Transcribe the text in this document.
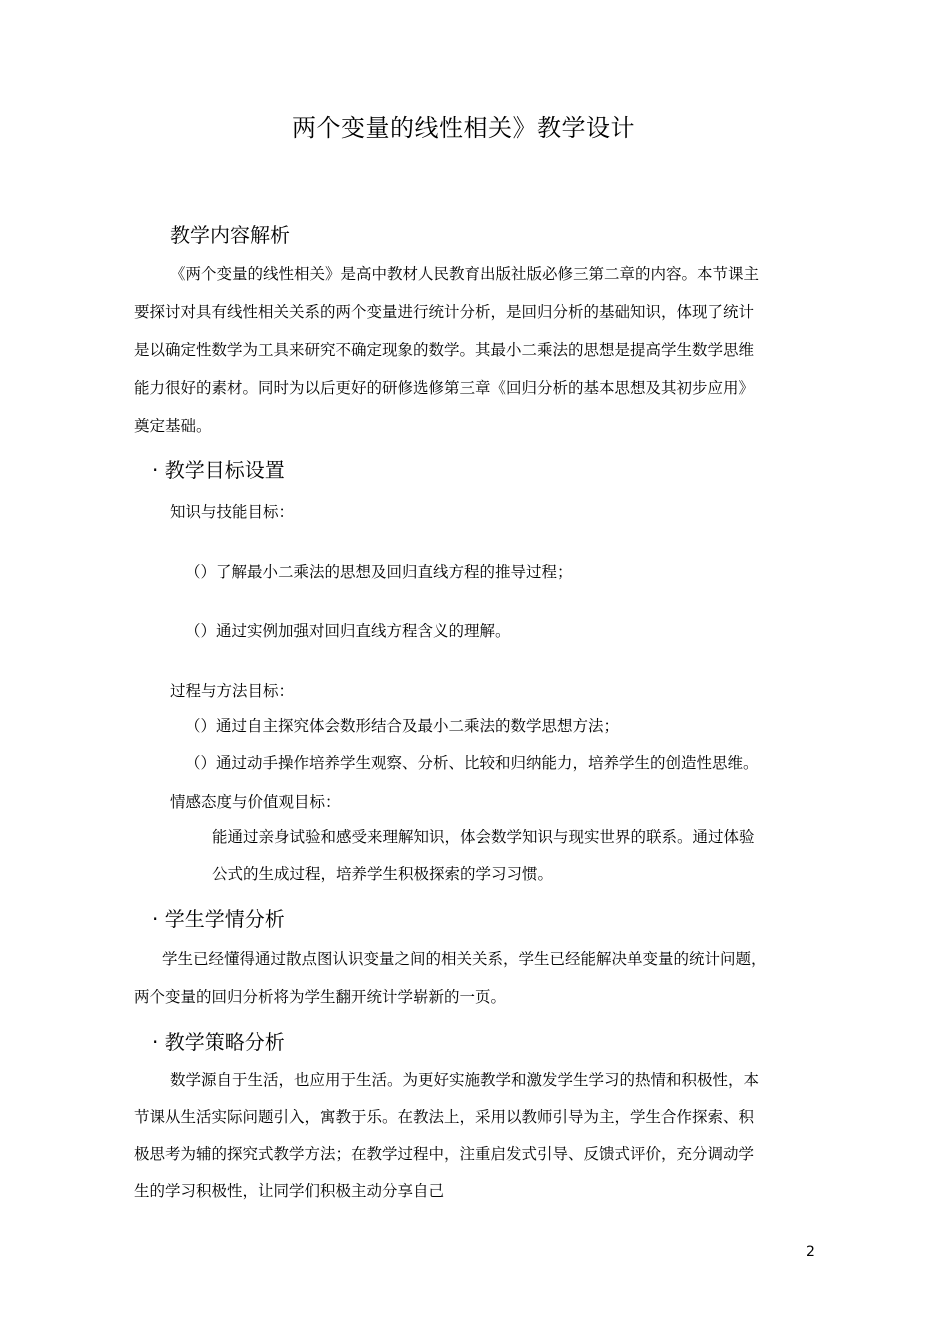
两个变量的线性相关》教学设计
教学内容解析
《两个变量的线性相关》是高中教材人民教育出版社版必修三第二章的内容。本节课主
要探讨对具有线性相关关系的两个变量进行统计分析，是回归分析的基础知识，体现了统计
是以确定性数学为工具来研究不确定现象的数学。其最小二乘法的思想是提高学生数学思维
能力很好的素材。同时为以后更好的研修选修第三章《回归分析的基本思想及其初步应用》
奠定基础。
· 教学目标设置
知识与技能目标：
（）了解最小二乘法的思想及回归直线方程的推导过程；
（）通过实例加强对回归直线方程含义的理解。
过程与方法目标：
（）通过自主探究体会数形结合及最小二乘法的数学思想方法；
（）通过动手操作培养学生观察、分析、比较和归纳能力，培养学生的创造性思维。
情感态度与价值观目标：
能通过亲身试验和感受来理解知识，体会数学知识与现实世界的联系。通过体验
公式的生成过程，培养学生积极探索的学习习惯。
· 学生学情分析
学生已经懂得通过散点图认识变量之间的相关关系，学生已经能解决单变量的统计问题，
两个变量的回归分析将为学生翻开统计学崭新的一页。
· 教学策略分析
数学源自于生活，也应用于生活。为更好实施教学和激发学生学习的热情和积极性，本
节课从生活实际问题引入，寓教于乐。在教法上，采用以教师引导为主，学生合作探索、积
极思考为辅的探究式教学方法；在教学过程中，注重启发式引导、反馈式评价，充分调动学
生的学习积极性，让同学们积极主动分享自己
2
